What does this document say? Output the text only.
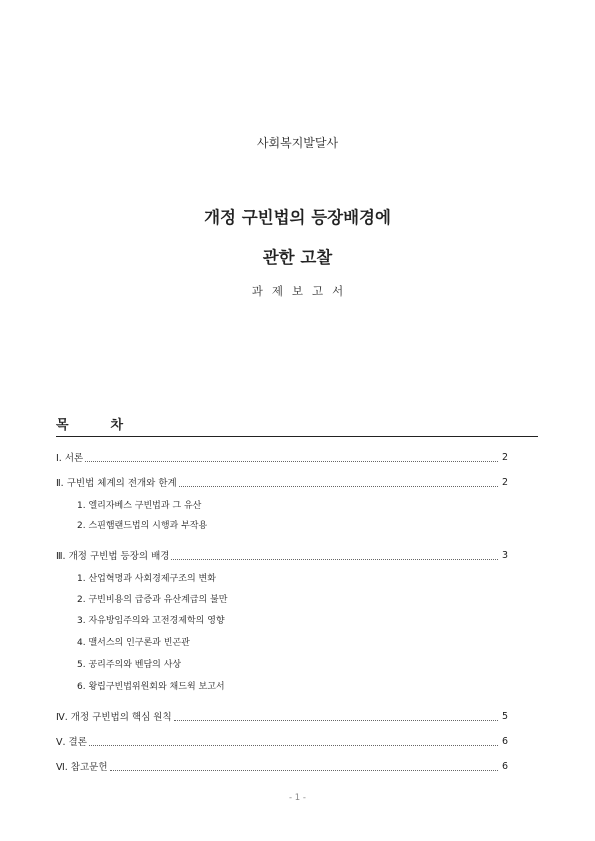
사회복지발달사
개정 구빈법의 등장배경에
관한 고찰
과제보고서
목차
Ⅰ. 서론	2
Ⅱ. 구빈법 체계의 전개와 한계	2
1. 엘리자베스 구빈법과 그 유산
2. 스핀햄랜드법의 시행과 부작용
Ⅲ. 개정 구빈법 등장의 배경	3
1. 산업혁명과 사회경제구조의 변화
2. 구빈비용의 급증과 유산계급의 불만
3. 자유방임주의와 고전경제학의 영향
4. 맬서스의 인구론과 빈곤관
5. 공리주의와 벤담의 사상
6. 왕립구빈법위원회와 채드윅 보고서
Ⅳ. 개정 구빈법의 핵심 원칙	5
Ⅴ. 결론	6
Ⅵ. 참고문헌	6
- 1 -
